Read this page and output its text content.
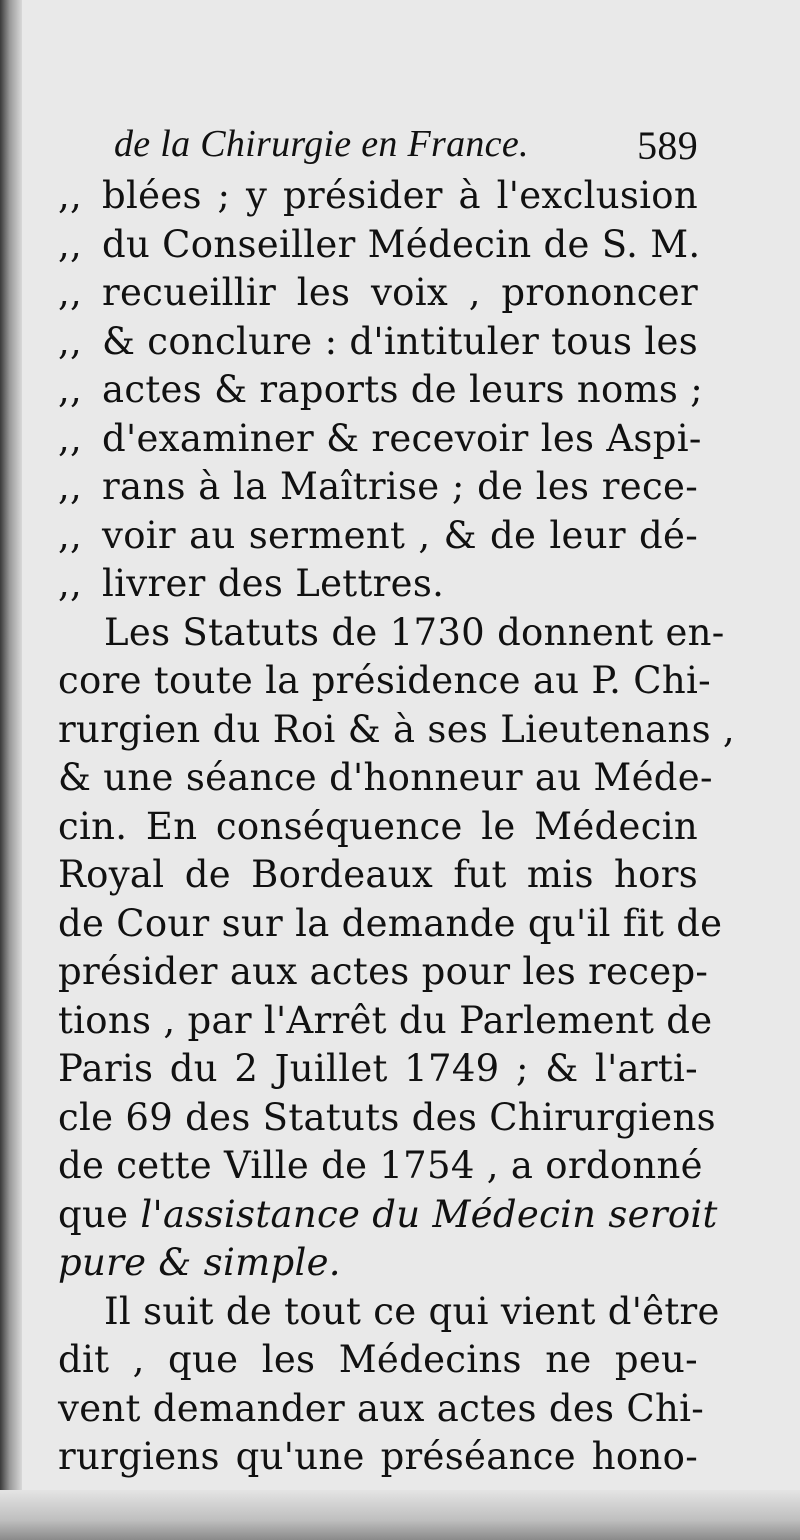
de la Chirurgie en France.	589
,, blées ; y présider à l'exclusion
,, du Conseiller Médecin de S. M.
,, recueillir les voix , prononcer
,, & conclure : d'intituler tous les
,, actes & raports de leurs noms ;
,, d'examiner & recevoir les Aspi-
,, rans à la Maîtrise ; de les rece-
,, voir au serment , & de leur dé-
,, livrer des Lettres.
Les Statuts de 1730 donnent en-
core toute la présidence au P. Chi-
rurgien du Roi & à ses Lieutenans ,
& une séance d'honneur au Méde-
cin. En conséquence le Médecin
Royal de Bordeaux fut mis hors
de Cour sur la demande qu'il fit de
présider aux actes pour les recep-
tions , par l'Arrêt du Parlement de
Paris du 2 Juillet 1749 ; & l'arti-
cle 69 des Statuts des Chirurgiens
de cette Ville de 1754 , a ordonné
que l'assistance du Médecin seroit
pure & simple.
Il suit de tout ce qui vient d'être
dit , que les Médecins ne peu-
vent demander aux actes des Chi-
rurgiens qu'une préséance hono-
